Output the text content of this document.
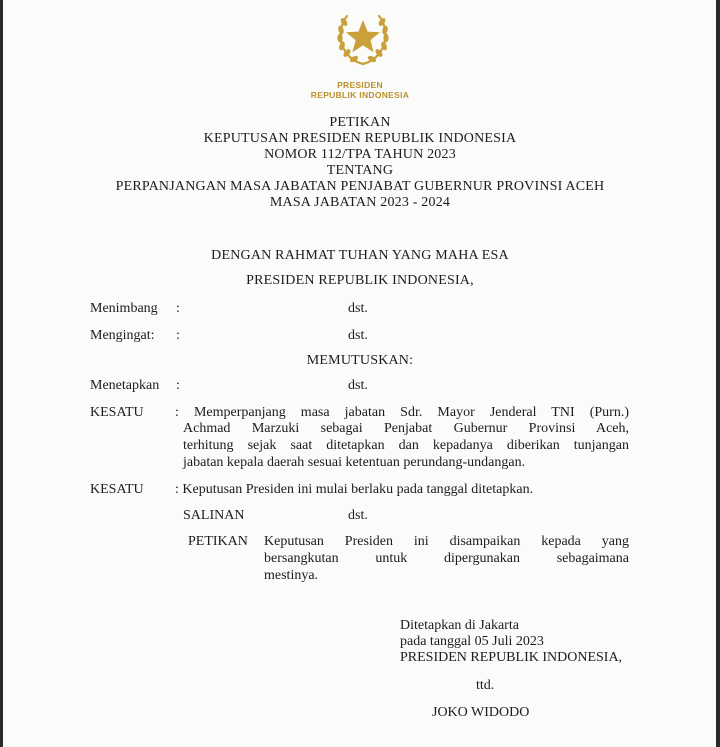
PRESIDEN
REPUBLIK INDONESIA
PETIKAN
KEPUTUSAN PRESIDEN REPUBLIK INDONESIA
NOMOR 112/TPA TAHUN 2023
TENTANG
PERPANJANGAN MASA JABATAN PENJABAT GUBERNUR PROVINSI ACEH
MASA JABATAN 2023 - 2024
DENGAN RAHMAT TUHAN YANG MAHA ESA
PRESIDEN REPUBLIK INDONESIA,
Menimbang :	dst.
Mengingat: :	dst.
MEMUTUSKAN:
Menetapkan :	dst.
KESATU : Memperpanjang masa jabatan Sdr. Mayor Jenderal TNI (Purn.)
Achmad Marzuki sebagai Penjabat Gubernur Provinsi Aceh,
terhitung sejak saat ditetapkan dan kepadanya diberikan tunjangan
jabatan kepala daerah sesuai ketentuan perundang-undangan.
KESATU : Keputusan Presiden ini mulai berlaku pada tanggal ditetapkan.
SALINAN	dst.
PETIKAN Keputusan Presiden ini disampaikan kepada yang
bersangkutan untuk dipergunakan sebagaimana
mestinya.
Ditetapkan di Jakarta
pada tanggal 05 Juli 2023
PRESIDEN REPUBLIK INDONESIA,
ttd.
JOKO WIDODO
